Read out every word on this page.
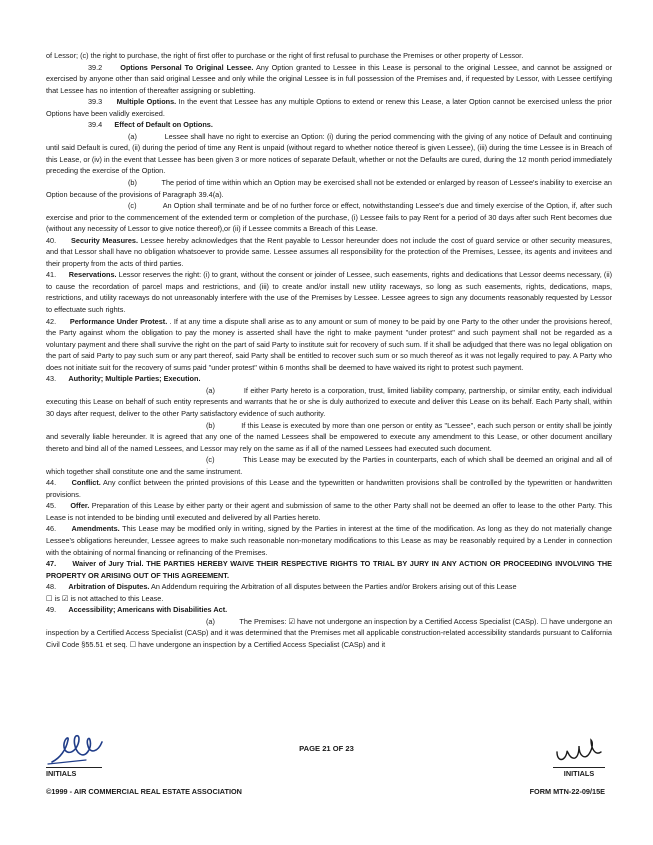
of Lessor; (c) the right to purchase, the right of first offer to purchase or the right of first refusal to purchase the Premises or other property of Lessor.

39.2 Options Personal To Original Lessee. Any Option granted to Lessee in this Lease is personal to the original Lessee, and cannot be assigned or exercised by anyone other than said original Lessee and only while the original Lessee is in full possession of the Premises and, if requested by Lessor, with Lessee certifying that Lessee has no intention of thereafter assigning or subletting.

39.3 Multiple Options. In the event that Lessee has any multiple Options to extend or renew this Lease, a later Option cannot be exercised unless the prior Options have been validly exercised.

39.4 Effect of Default on Options.

(a)	Lessee shall have no right to exercise an Option: (i) during the period commencing with the giving of any notice of Default and continuing until said Default is cured, (ii) during the period of time any Rent is unpaid (without regard to whether notice thereof is given Lessee), (iii) during the time Lessee is in Breach of this Lease, or (iv) in the event that Lessee has been given 3 or more notices of separate Default, whether or not the Defaults are cured, during the 12 month period immediately preceding the exercise of the Option.

(b)	The period of time within which an Option may be exercised shall not be extended or enlarged by reason of Lessee's inability to exercise an Option because of the provisions of Paragraph 39.4(a).

(c)	An Option shall terminate and be of no further force or effect, notwithstanding Lessee's due and timely exercise of the Option, if, after such exercise and prior to the commencement of the extended term or completion of the purchase, (i) Lessee fails to pay Rent for a period of 30 days after such Rent becomes due (without any necessity of Lessor to give notice thereof),or (ii) if Lessee commits a Breach of this Lease.

40. Security Measures. Lessee hereby acknowledges that the Rent payable to Lessor hereunder does not include the cost of guard service or other security measures, and that Lessor shall have no obligation whatsoever to provide same. Lessee assumes all responsibility for the protection of the Premises, Lessee, its agents and invitees and their property from the acts of third parties.

41. Reservations. Lessor reserves the right: (i) to grant, without the consent or joinder of Lessee, such easements, rights and dedications that Lessor deems necessary, (ii) to cause the recordation of parcel maps and restrictions, and (iii) to create and/or install new utility raceways, so long as such easements, rights, dedications, maps, restrictions, and utility raceways do not unreasonably interfere with the use of the Premises by Lessee. Lessee agrees to sign any documents reasonably requested by Lessor to effectuate such rights.

42. Performance Under Protest. . If at any time a dispute shall arise as to any amount or sum of money to be paid by one Party to the other under the provisions hereof, the Party against whom the obligation to pay the money is asserted shall have the right to make payment "under protest" and such payment shall not be regarded as a voluntary payment and there shall survive the right on the part of said Party to institute suit for recovery of such sum. If it shall be adjudged that there was no legal obligation on the part of said Party to pay such sum or any part thereof, said Party shall be entitled to recover such sum or so much thereof as it was not legally required to pay. A Party who does not initiate suit for the recovery of sums paid "under protest" within 6 months shall be deemed to have waived its right to protest such payment.

43. Authority; Multiple Parties; Execution.

(a)	If either Party hereto is a corporation, trust, limited liability company, partnership, or similar entity, each individual executing this Lease on behalf of such entity represents and warrants that he or she is duly authorized to execute and deliver this Lease on its behalf. Each Party shall, within 30 days after request, deliver to the other Party satisfactory evidence of such authority.

(b)	If this Lease is executed by more than one person or entity as "Lessee", each such person or entity shall be jointly and severally liable hereunder. It is agreed that any one of the named Lessees shall be empowered to execute any amendment to this Lease, or other document ancillary thereto and bind all of the named Lessees, and Lessor may rely on the same as if all of the named Lessees had executed such document.

(c)	This Lease may be executed by the Parties in counterparts, each of which shall be deemed an original and all of which together shall constitute one and the same instrument.

44. Conflict. Any conflict between the printed provisions of this Lease and the typewritten or handwritten provisions shall be controlled by the typewritten or handwritten provisions.

45. Offer. Preparation of this Lease by either party or their agent and submission of same to the other Party shall not be deemed an offer to lease to the other Party. This Lease is not intended to be binding until executed and delivered by all Parties hereto.

46. Amendments. This Lease may be modified only in writing, signed by the Parties in interest at the time of the modification. As long as they do not materially change Lessee's obligations hereunder, Lessee agrees to make such reasonable non-monetary modifications to this Lease as may be reasonably required by a Lender in connection with the obtaining of normal financing or refinancing of the Premises.

47. Waiver of Jury Trial. THE PARTIES HEREBY WAIVE THEIR RESPECTIVE RIGHTS TO TRIAL BY JURY IN ANY ACTION OR PROCEEDING INVOLVING THE PROPERTY OR ARISING OUT OF THIS AGREEMENT.

48. Arbitration of Disputes. An Addendum requiring the Arbitration of all disputes between the Parties and/or Brokers arising out of this Lease
☐ is ☑ is not attached to this Lease.

49. Accessibility; Americans with Disabilities Act.

(a)	The Premises: ☑ have not undergone an inspection by a Certified Access Specialist (CASp). ☐ have undergone an inspection by a Certified Access Specialist (CASp) and it was determined that the Premises met all applicable construction-related accessibility standards pursuant to California Civil Code §55.51 et seq. ☐ have undergone an inspection by a Certified Access Specialist (CASp) and it

INITIALS
PAGE 21 OF 23
INITIALS
©1999 - AIR COMMERCIAL REAL ESTATE ASSOCIATION	FORM MTN-22-09/15E
